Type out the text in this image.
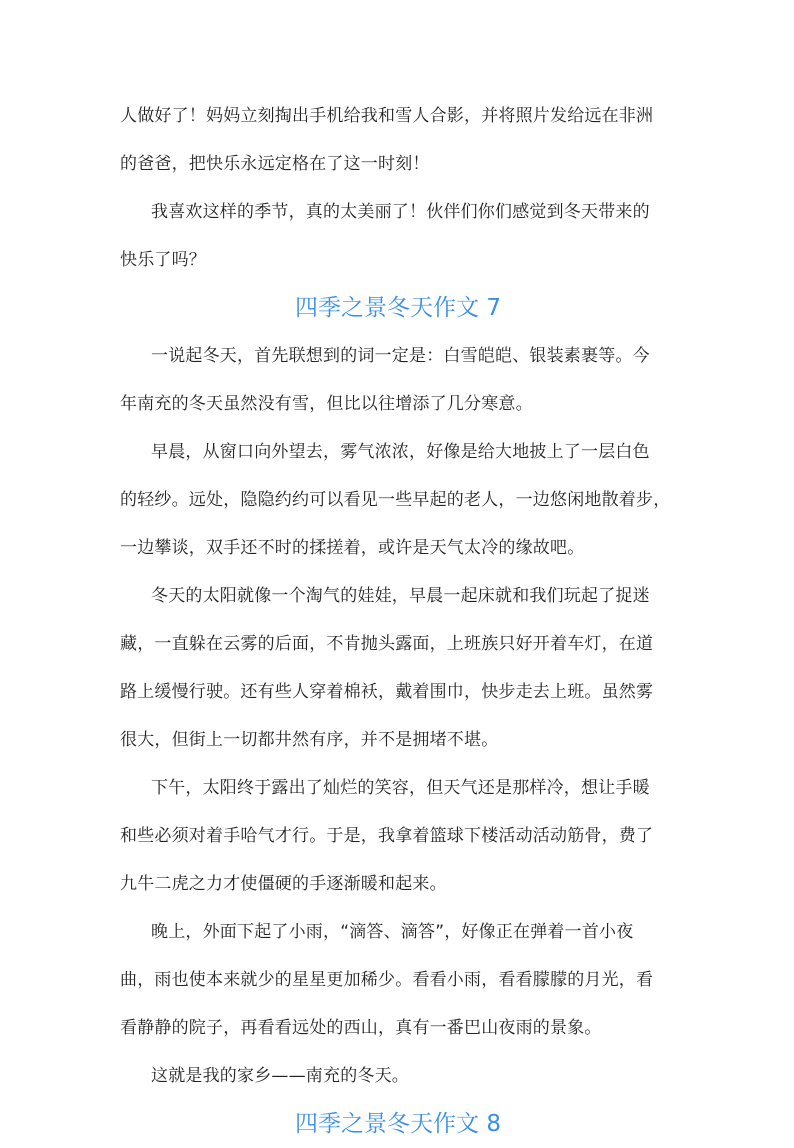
人做好了！妈妈立刻掏出手机给我和雪人合影，并将照片发给远在非洲
的爸爸，把快乐永远定格在了这一时刻！
我喜欢这样的季节，真的太美丽了！伙伴们你们感觉到冬天带来的
快乐了吗？
四季之景冬天作文 7
一说起冬天，首先联想到的词一定是：白雪皑皑、银装素裹等。今
年南充的冬天虽然没有雪，但比以往增添了几分寒意。
早晨，从窗口向外望去，雾气浓浓，好像是给大地披上了一层白色
的轻纱。远处，隐隐约约可以看见一些早起的老人，一边悠闲地散着步，
一边攀谈，双手还不时的揉搓着，或许是天气太冷的缘故吧。
冬天的太阳就像一个淘气的娃娃，早晨一起床就和我们玩起了捉迷
藏，一直躲在云雾的后面，不肯抛头露面，上班族只好开着车灯，在道
路上缓慢行驶。还有些人穿着棉袄，戴着围巾，快步走去上班。虽然雾
很大，但街上一切都井然有序，并不是拥堵不堪。
下午，太阳终于露出了灿烂的笑容，但天气还是那样冷，想让手暖
和些必须对着手哈气才行。于是，我拿着篮球下楼活动活动筋骨，费了
九牛二虎之力才使僵硬的手逐渐暖和起来。
晚上，外面下起了小雨，“滴答、滴答”，好像正在弹着一首小夜
曲，雨也使本来就少的星星更加稀少。看看小雨，看看朦朦的月光，看
看静静的院子，再看看远处的西山，真有一番巴山夜雨的景象。
这就是我的家乡——南充的冬天。
四季之景冬天作文 8
